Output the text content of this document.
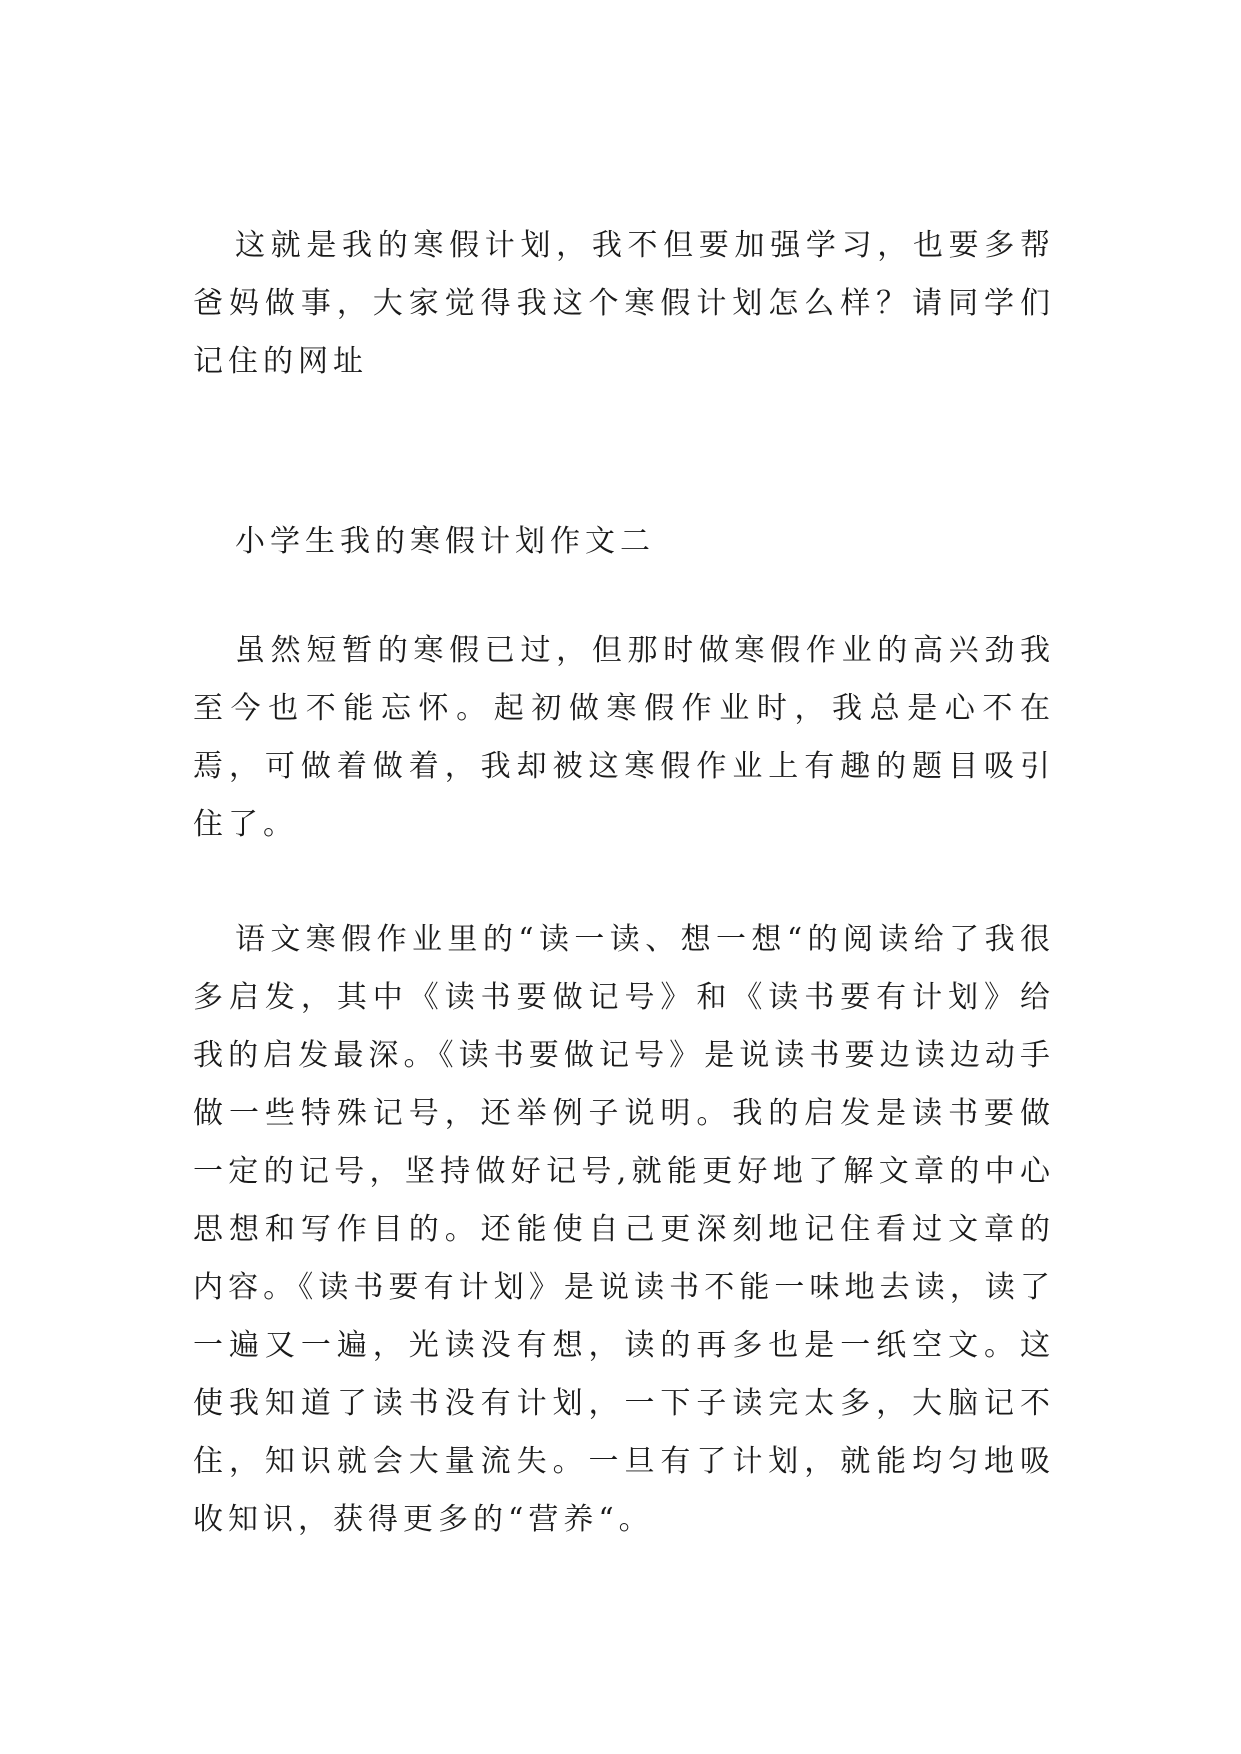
这就是我的寒假计划，我不但要加强学习，也要多帮爸妈做事，大家觉得我这个寒假计划怎么样？请同学们记住的网址

小学生我的寒假计划作文二

虽然短暂的寒假已过，但那时做寒假作业的高兴劲我至今也不能忘怀。起初做寒假作业时，我总是心不在焉，可做着做着，我却被这寒假作业上有趣的题目吸引住了。

语文寒假作业里的“读一读、想一想“的阅读给了我很多启发，其中《读书要做记号》和《读书要有计划》给我的启发最深。《读书要做记号》是说读书要边读边动手做一些特殊记号，还举例子说明。我的启发是读书要做一定的记号，坚持做好记号,就能更好地了解文章的中心思想和写作目的。还能使自己更深刻地记住看过文章的内容。《读书要有计划》是说读书不能一味地去读，读了一遍又一遍，光读没有想，读的再多也是一纸空文。这使我知道了读书没有计划，一下子读完太多，大脑记不住，知识就会大量流失。一旦有了计划，就能均匀地吸收知识，获得更多的“营养“。
